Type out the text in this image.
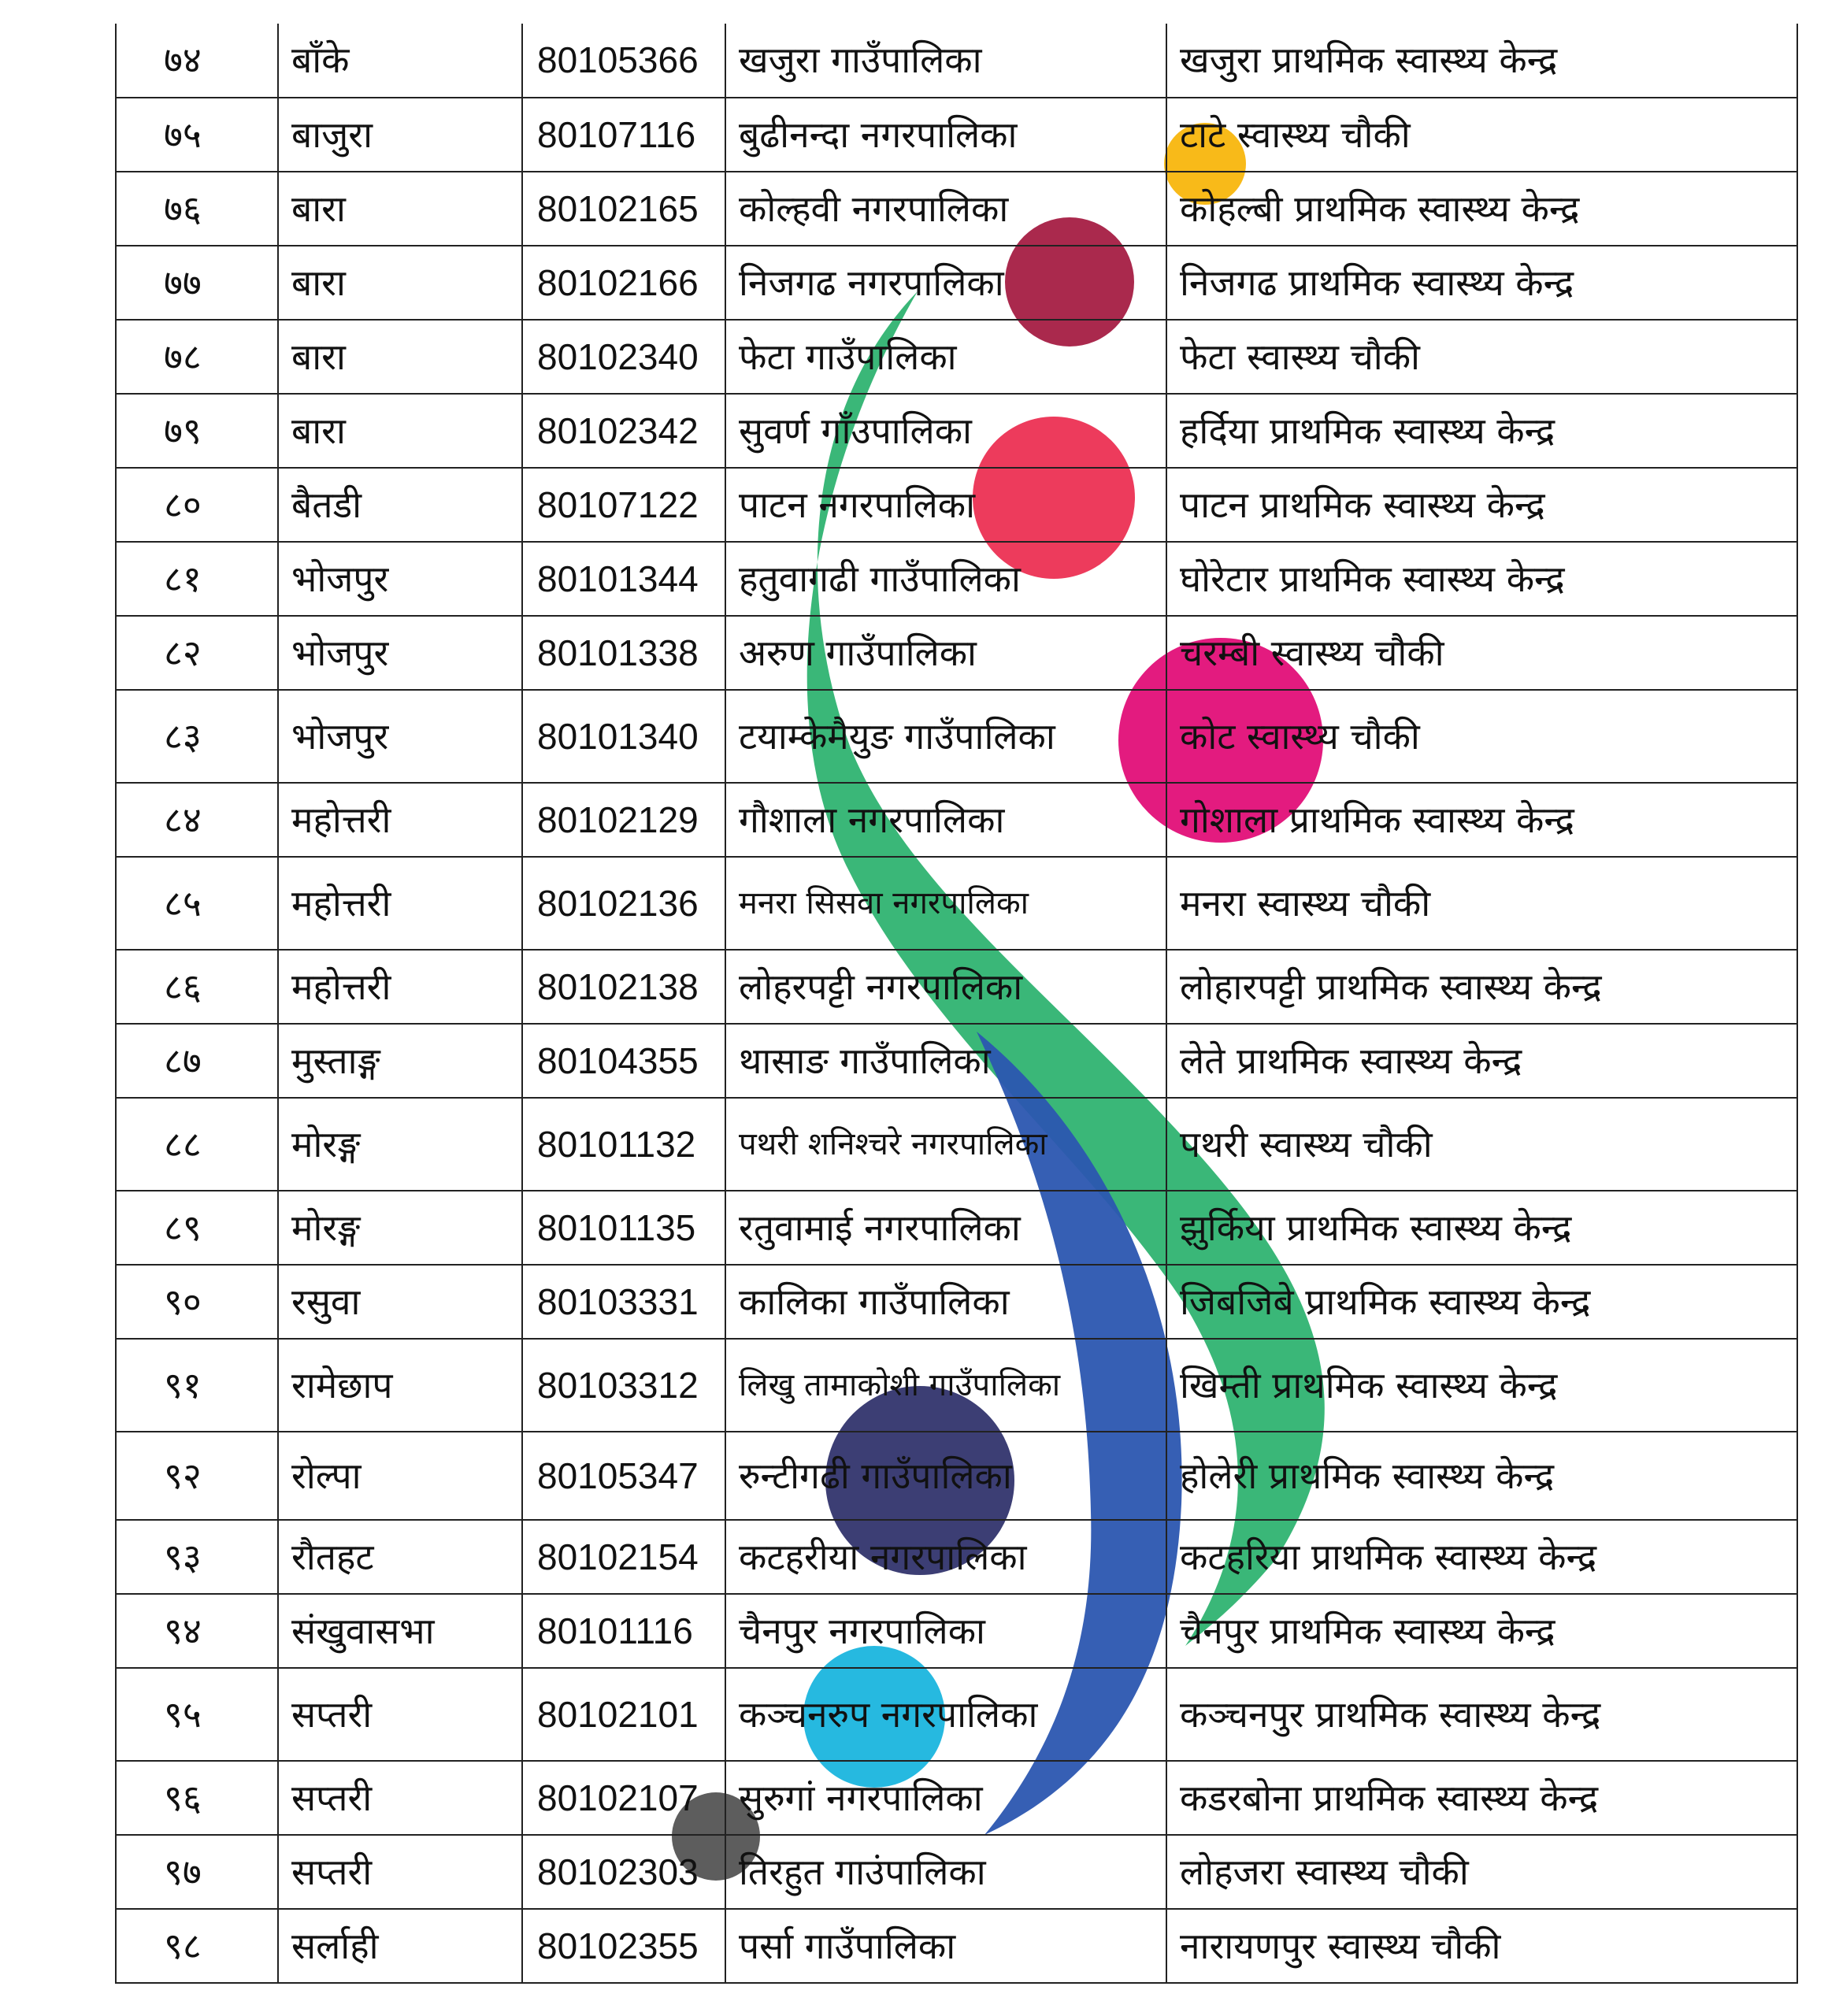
७४	बाँके	80105366	खजुरा गाउँपालिका	खजुरा प्राथमिक स्वास्थ्य केन्द्र
७५	बाजुरा	80107116	बुढीनन्दा नगरपालिका	टाटे स्वास्थ्य चौकी
७६	बारा	80102165	कोल्हवी नगरपालिका	कोहल्बी प्राथमिक स्वास्थ्य केन्द्र
७७	बारा	80102166	निजगढ नगरपालिका	निजगढ प्राथमिक स्वास्थ्य केन्द्र
७८	बारा	80102340	फेटा गाउँपालिका	फेटा स्वास्थ्य चौकी
७९	बारा	80102342	सुवर्ण गाँउपालिका	हर्दिया प्राथमिक स्वास्थ्य केन्द्र
८०	बैतडी	80107122	पाटन नगरपालिका	पाटन प्राथमिक स्वास्थ्य केन्द्र
८१	भोजपुर	80101344	हतुवागढी गाउँपालिका	घोरेटार प्राथमिक स्वास्थ्य केन्द्र
८२	भोजपुर	80101338	अरुण गाउँपालिका	चरम्बी स्वास्थ्य चौकी
८३	भोजपुर	80101340	टयाम्केमैयुङ गाउँपालिका	कोट स्वास्थ्य चौकी
८४	महोत्तरी	80102129	गौशाला नगरपालिका	गोशाला प्राथमिक स्वास्थ्य केन्द्र
८५	महोत्तरी	80102136	मनरा सिसवा नगरपालिका	मनरा स्वास्थ्य चौकी
८६	महोत्तरी	80102138	लोहरपट्टी नगरपालिका	लोहारपट्टी प्राथमिक स्वास्थ्य केन्द्र
८७	मुस्ताङ्ग	80104355	थासाङ गाउँपालिका	लेते प्राथमिक स्वास्थ्य केन्द्र
८८	मोरङ्ग	80101132	पथरी शनिश्चरे नगरपालिका	पथरी स्वास्थ्य चौकी
८९	मोरङ्ग	80101135	रतुवामाई नगरपालिका	झुर्किया प्राथमिक स्वास्थ्य केन्द्र
९०	रसुवा	80103331	कालिका गाउँपालिका	जिबजिबे प्राथमिक स्वास्थ्य केन्द्र
९१	रामेछाप	80103312	लिखु तामाकोशी गाउँपालिका	खिम्ती प्राथमिक स्वास्थ्य केन्द्र
९२	रोल्पा	80105347	रुन्टीगढी गाउँपालिका	होलेरी प्राथमिक स्वास्थ्य केन्द्र
९३	रौतहट	80102154	कटहरीया नगरपालिका	कटहरिया प्राथमिक स्वास्थ्य केन्द्र
९४	संखुवासभा	80101116	चैनपुर नगरपालिका	चैनपुर प्राथमिक स्वास्थ्य केन्द्र
९५	सप्तरी	80102101	कञ्चनरुप नगरपालिका	कञ्चनपुर प्राथमिक स्वास्थ्य केन्द्र
९६	सप्तरी	80102107	सुरुगां नगरपालिका	कडरबोना प्राथमिक स्वास्थ्य केन्द्र
९७	सप्तरी	80102303	तिरहुत गाउंपालिका	लोहजरा स्वास्थ्य चौकी
९८	सर्लाही	80102355	पर्सा गाउँपालिका	नारायणपुर स्वास्थ्य चौकी
